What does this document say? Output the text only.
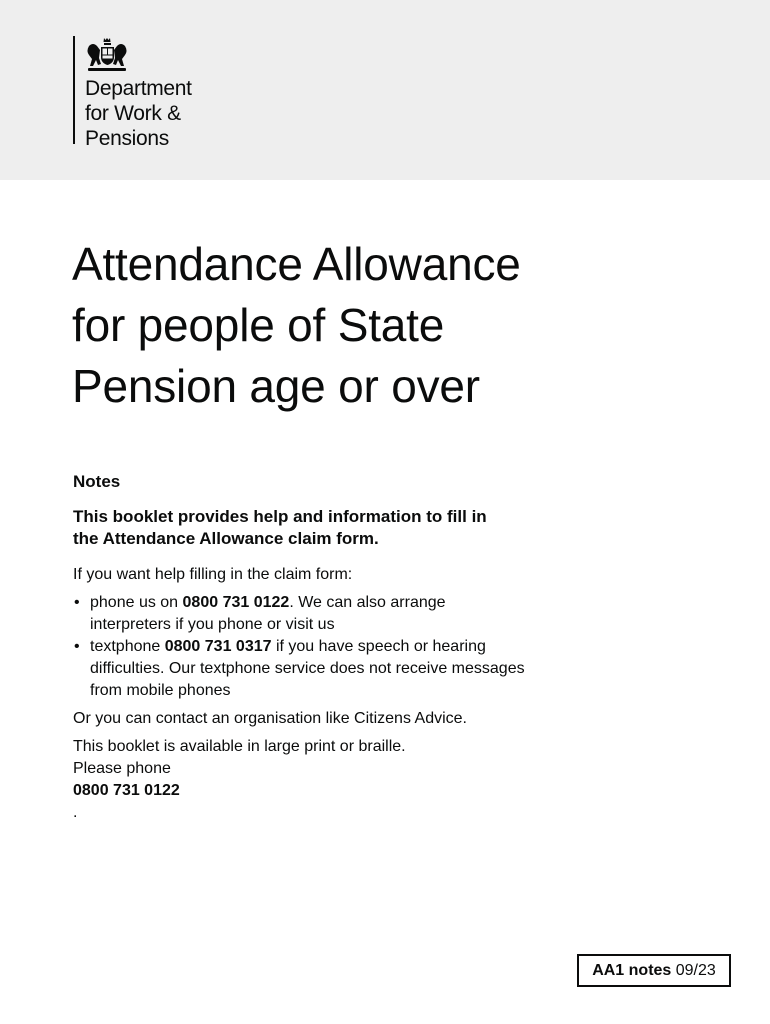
Department
for Work &
Pensions
Attendance Allowance
for people of State
Pension age or over
Notes
This booklet provides help and information to fill in
the Attendance Allowance claim form.
If you want help filling in the claim form:
• phone us on 0800 731 0122. We can also arrange
interpreters if you phone or visit us
• textphone 0800 731 0317 if you have speech or hearing
difficulties. Our textphone service does not receive messages
from mobile phones
Or you can contact an organisation like Citizens Advice.
This booklet is available in large print or braille.
Please phone
0800 731 0122
.
AA1 notes 09/23
